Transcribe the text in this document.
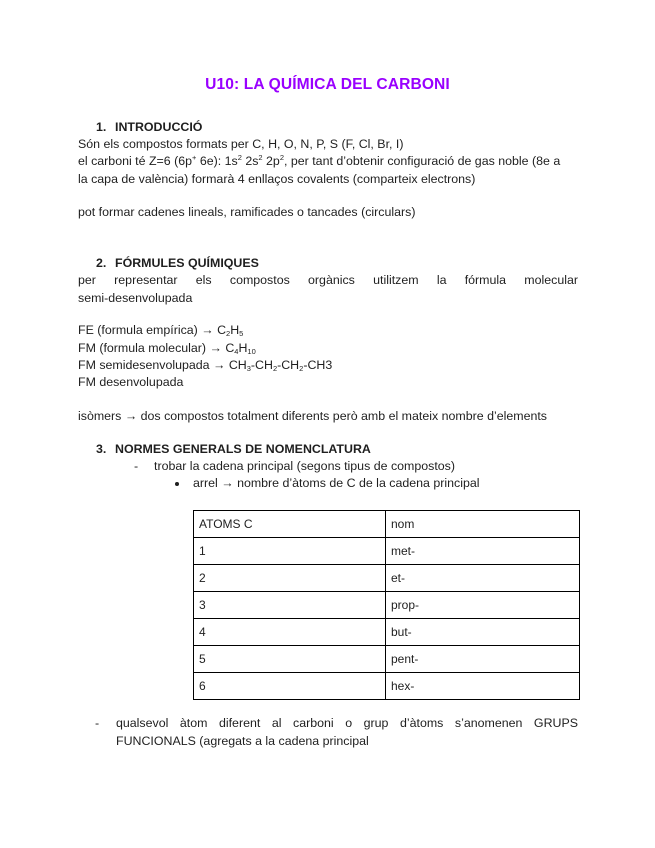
U10: LA QUÍMICA DEL CARBONI
1. INTRODUCCIÓ
Són els compostos formats per C, H, O, N, P, S (F, Cl, Br, I)
el carboni té Z=6 (6p+ 6e): $1s^2$ $2s^2$ $2p^2$, per tant d’obtenir configuració de gas noble (8e a
la capa de valència) formarà 4 enllaços covalents (comparteix electrons)
pot formar cadenes lineals, ramificades o tancades (circulars)
2. FÓRMULES QUÍMIQUES
per representar els compostos orgànics utilitzem la fórmula molecular
semi-desenvolupada
FE (formula empírica) → $C_2H_5$
FM (formula molecular) → $C_4H_{10}$
FM semidesenvolupada → $CH_3-CH_2-CH_2-CH3$
FM desenvolupada
isòmers → dos compostos totalment diferents però amb el mateix nombre d’elements
3. NORMES GENERALS DE NOMENCLATURA
- trobar la cadena principal (segons tipus de compostos)
arrel → nombre d’àtoms de C de la cadena principal
ATOMS C	nom
1	met-
2	et-
3	prop-
4	but-
5	pent-
6	hex-
- qualsevol àtom diferent al carboni o grup d’àtoms s’anomenen GRUPS
FUNCIONALS (agregats a la cadena principal
